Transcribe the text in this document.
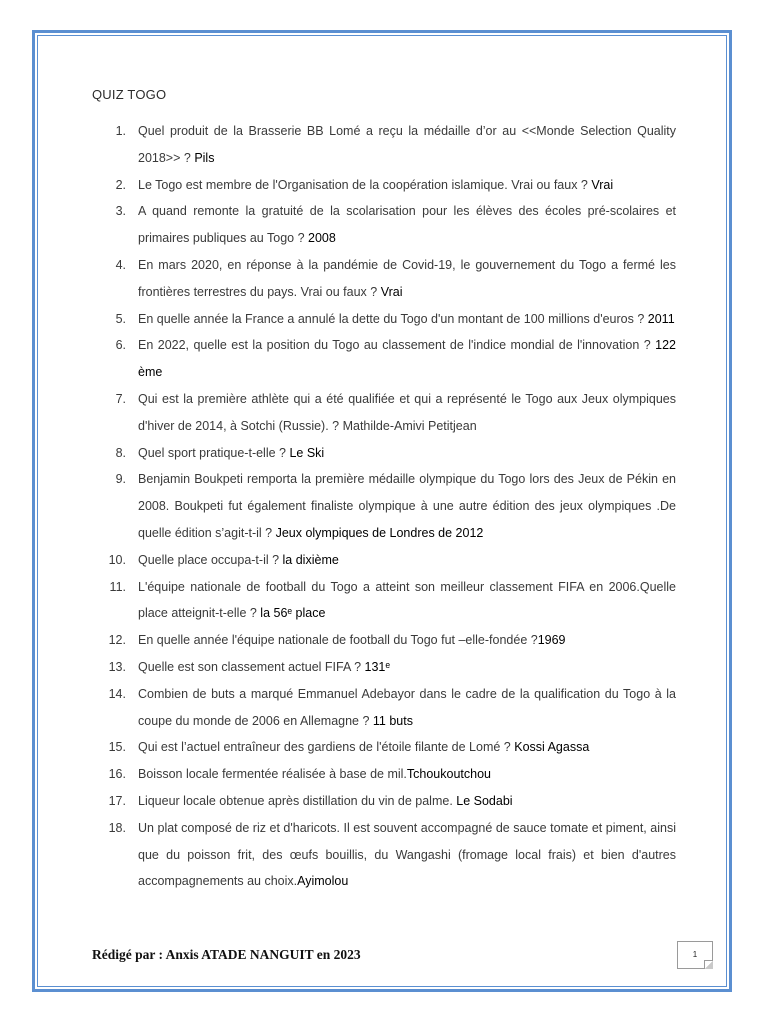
QUIZ TOGO
1. Quel produit de la Brasserie BB Lomé a reçu la médaille d’or au <<Monde Selection Quality 2018>> ? Pils
2. Le Togo est membre de l'Organisation de la coopération islamique. Vrai ou faux ? Vrai
3. A quand remonte la gratuité de la scolarisation pour les élèves des écoles pré-scolaires et primaires publiques au Togo ? 2008
4. En mars 2020, en réponse à la pandémie de Covid-19, le gouvernement du Togo a fermé les frontières terrestres du pays. Vrai ou faux ? Vrai
5. En quelle année la France a annulé la dette du Togo d'un montant de 100 millions d'euros ? 2011
6. En 2022, quelle est la position du Togo au classement de l'indice mondial de l'innovation ? 122 ème
7. Qui est la première athlète qui a été qualifiée et qui a représenté le Togo aux Jeux olympiques d'hiver de 2014, à Sotchi (Russie). ? Mathilde-Amivi Petitjean
8. Quel sport pratique-t-elle ? Le Ski
9. Benjamin Boukpeti remporta la première médaille olympique du Togo lors des Jeux de Pékin en 2008. Boukpeti fut également finaliste olympique à une autre édition des jeux olympiques .De quelle édition s’agit-t-il ? Jeux olympiques de Londres de 2012
10. Quelle place occupa-t-il ? la dixième
11. L'équipe nationale de football du Togo a atteint son meilleur classement FIFA en 2006.Quelle place atteignit-t-elle ? la 56ᵉ place
12. En quelle année l'équipe nationale de football du Togo fut –elle-fondée ?1969
13. Quelle est son classement actuel FIFA ? 131ᵉ
14. Combien de buts a marqué Emmanuel Adebayor dans le cadre de la qualification du Togo à la coupe du monde de 2006 en Allemagne ? 11 buts
15. Qui est l’actuel entraîneur des gardiens de l'étoile filante de Lomé ? Kossi Agassa
16. Boisson locale fermentée réalisée à base de mil.Tchoukoutchou
17. Liqueur locale obtenue après distillation du vin de palme. Le Sodabi
18. Un plat composé de riz et d'haricots. Il est souvent accompagné de sauce tomate et piment, ainsi que du poisson frit, des œufs bouillis, du Wangashi (fromage local frais) et bien d'autres accompagnements au choix.Ayimolou
Rédigé par : Anxis ATADE NANGUIT en 2023	1
